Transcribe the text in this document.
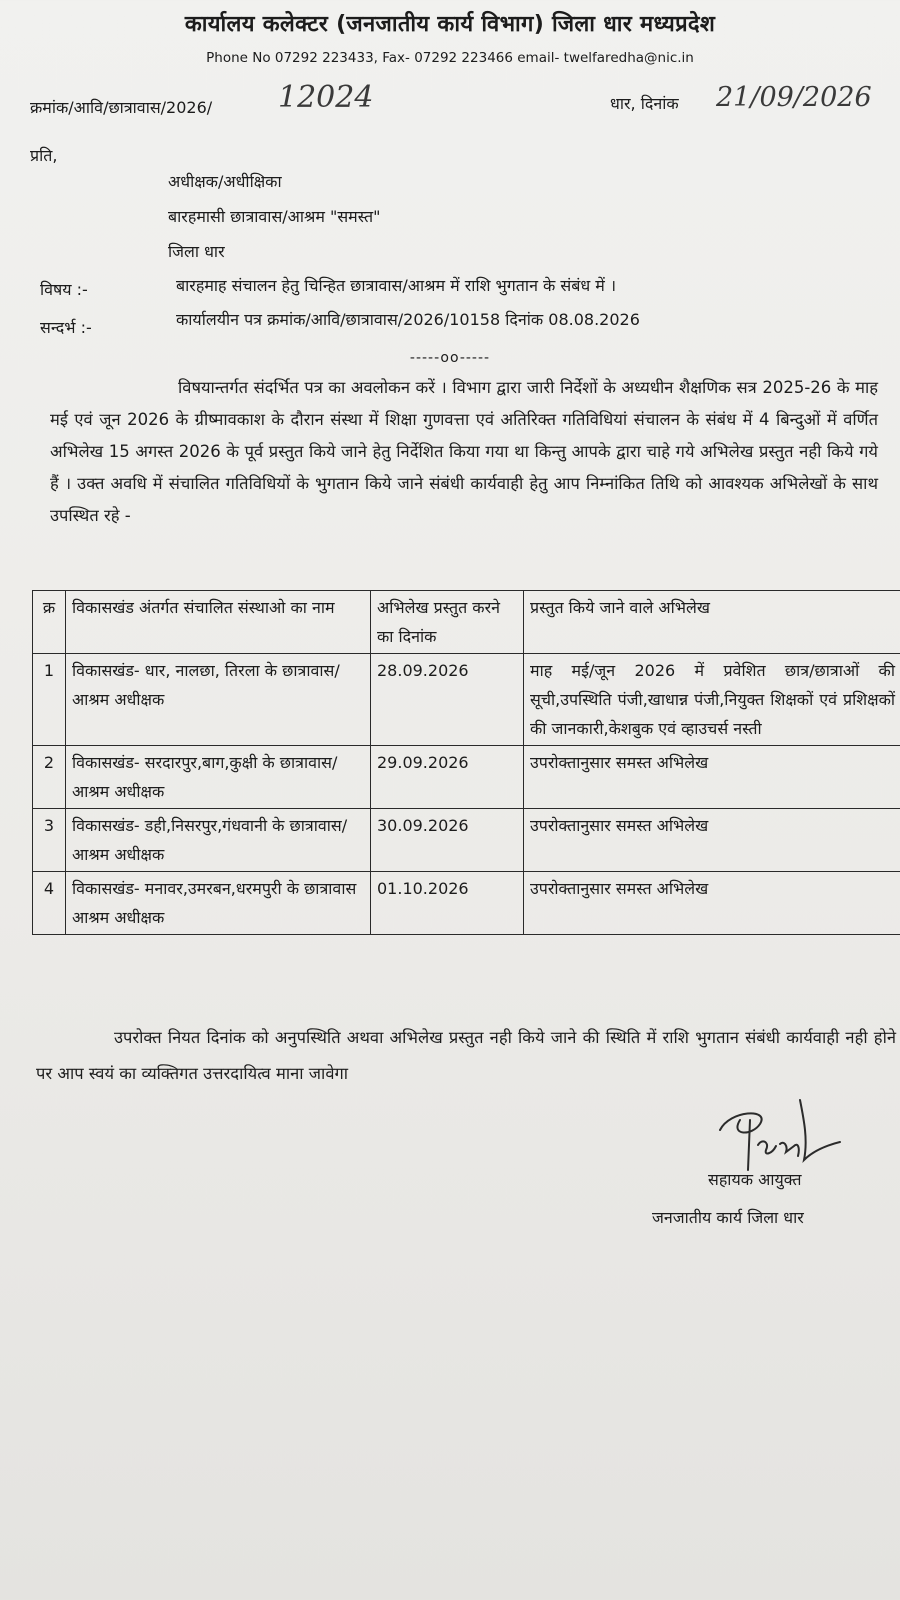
कार्यालय कलेक्टर (जनजातीय कार्य विभाग) जिला धार मध्यप्रदेश
Phone No 07292 223433, Fax- 07292 223466 email- twelfaredha@nic.in
क्रमांक/आवि/छात्रावास/2026/ 12024	धार, दिनांक 21/09/2026
प्रति,
अधीक्षक/अधीक्षिका
बारहमासी छात्रावास/आश्रम "समस्त"
जिला धार
विषय :-	बारहमाह संचालन हेतु चिन्हित छात्रावास/आश्रम में राशि भुगतान के संबंध में ।
सन्दर्भ :-	कार्यालयीन पत्र क्रमांक/आवि/छात्रावास/2026/10158 दिनांक 08.08.2026
-----oo-----
विषयान्तर्गत संदर्भित पत्र का अवलोकन करें । विभाग द्वारा जारी निर्देशों के अध्यधीन शैक्षणिक सत्र 2025-26 के माह मई एवं जून 2026 के ग्रीष्मावकाश के दौरान संस्था में शिक्षा गुणवत्ता एवं अतिरिक्त गतिविधियां संचालन के संबंध में 4 बिन्दुओं में वर्णित अभिलेख 15 अगस्त 2026 के पूर्व प्रस्तुत किये जाने हेतु निर्देशित किया गया था किन्तु आपके द्वारा चाहे गये अभिलेख प्रस्तुत नही किये गये हैं । उक्त अवधि में संचालित गतिविधियों के भुगतान किये जाने संबंधी कार्यवाही हेतु आप निम्नांकित तिथि को आवश्यक अभिलेखों के साथ उपस्थित रहे -
क्र	विकासखंड अंतर्गत संचालित संस्थाओ का नाम	अभिलेख प्रस्तुत करने का दिनांक	प्रस्तुत किये जाने वाले अभिलेख
1	विकासखंड- धार, नालछा, तिरला के छात्रावास/आश्रम अधीक्षक	28.09.2026	माह मई/जून 2026 में प्रवेशित छात्र/छात्राओं की सूची,उपस्थिति पंजी,खाधान्न पंजी,नियुक्त शिक्षकों एवं प्रशिक्षकों की जानकारी,केशबुक एवं व्हाउचर्स नस्ती
2	विकासखंड- सरदारपुर,बाग,कुक्षी के छात्रावास/आश्रम अधीक्षक	29.09.2026	उपरोक्तानुसार समस्त अभिलेख
3	विकासखंड- डही,निसरपुर,गंधवानी के छात्रावास/आश्रम अधीक्षक	30.09.2026	उपरोक्तानुसार समस्त अभिलेख
4	विकासखंड- मनावर,उमरबन,धरमपुरी के छात्रावास आश्रम अधीक्षक	01.10.2026	उपरोक्तानुसार समस्त अभिलेख
उपरोक्त नियत दिनांक को अनुपस्थिति अथवा अभिलेख प्रस्तुत नही किये जाने की स्थिति में राशि भुगतान संबंधी कार्यवाही नही होने पर आप स्वयं का व्यक्तिगत उत्तरदायित्व माना जावेगा
सहायक आयुक्त
जनजातीय कार्य जिला धार
